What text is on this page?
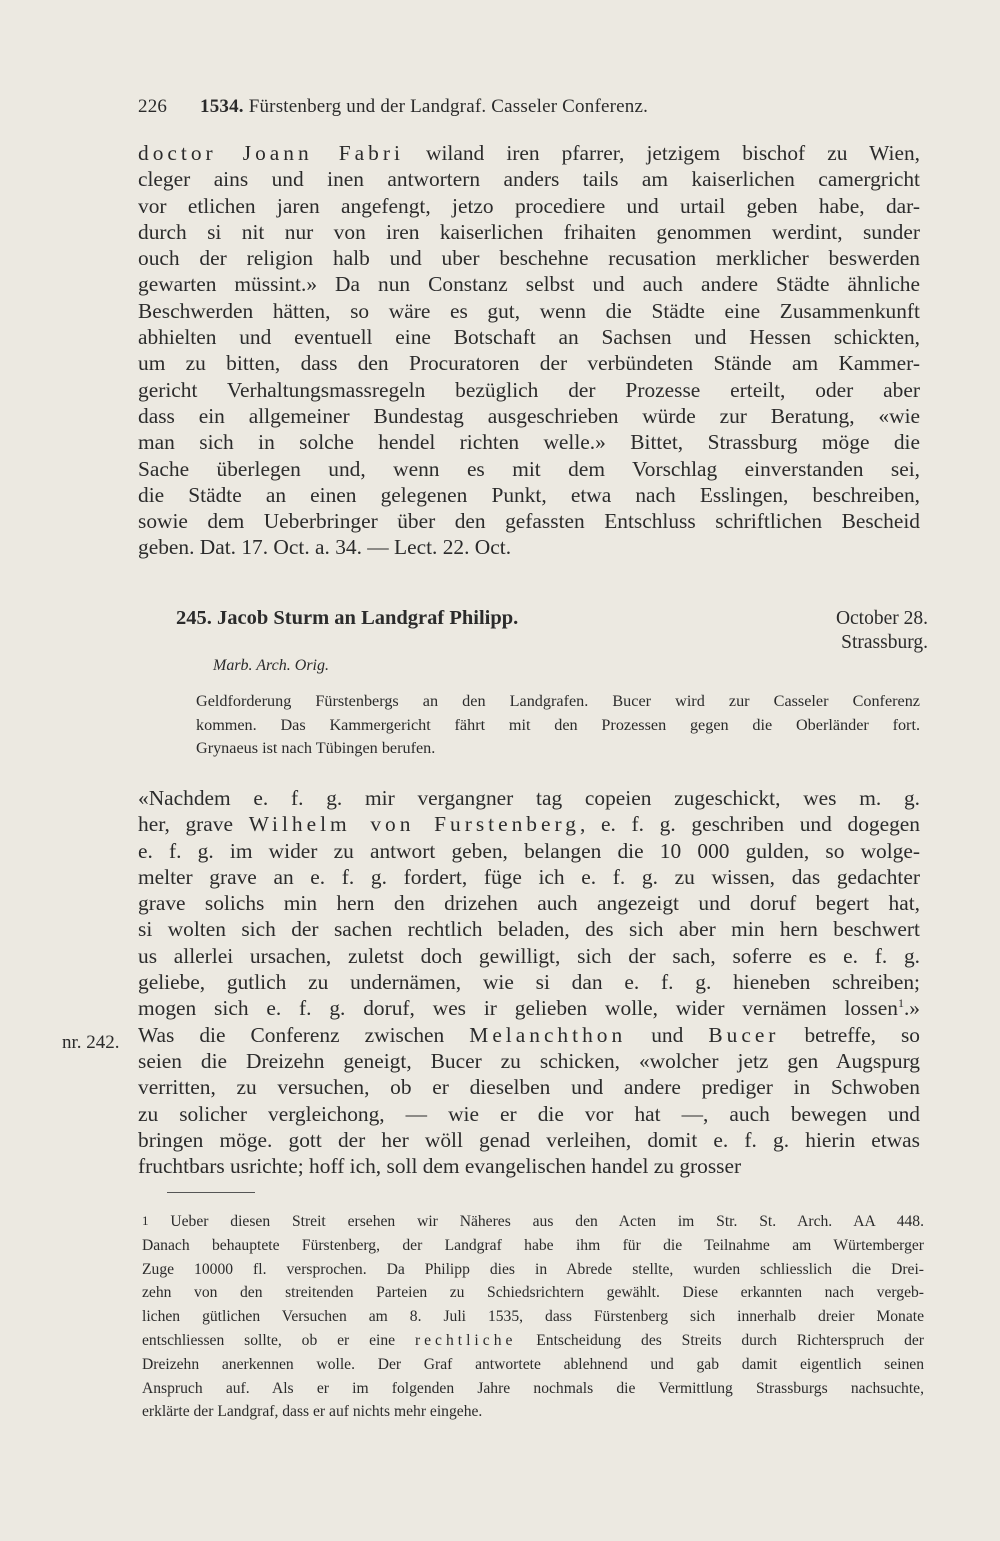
226 1534. Fürstenberg und der Landgraf. Casseler Conferenz.
doctor Joann Fabri wiland iren pfarrer, jetzigem bischof zu Wien,
cleger ains und inen antwortern anders tails am kaiserlichen camergricht
vor etlichen jaren angefengt, jetzo procediere und urtail geben habe, dar-
durch si nit nur von iren kaiserlichen frihaiten genommen werdint, sunder
ouch der religion halb und uber beschehne recusation merklicher beswerden
gewarten müssint.» Da nun Constanz selbst und auch andere Städte ähnliche
Beschwerden hätten, so wäre es gut, wenn die Städte eine Zusammenkunft
abhielten und eventuell eine Botschaft an Sachsen und Hessen schickten,
um zu bitten, dass den Procuratoren der verbündeten Stände am Kammer-
gericht Verhaltungsmassregeln bezüglich der Prozesse erteilt, oder aber
dass ein allgemeiner Bundestag ausgeschrieben würde zur Beratung, «wie
man sich in solche hendel richten welle.» Bittet, Strassburg möge die
Sache überlegen und, wenn es mit dem Vorschlag einverstanden sei,
die Städte an einen gelegenen Punkt, etwa nach Esslingen, beschreiben,
sowie dem Ueberbringer über den gefassten Entschluss schriftlichen Bescheid
geben. Dat. 17. Oct. a. 34. — Lect. 22. Oct.
245. Jacob Sturm an Landgraf Philipp.	October 28.
Strassburg.
Marb. Arch. Orig.
Geldforderung Fürstenbergs an den Landgrafen. Bucer wird zur Casseler Conferenz
kommen. Das Kammergericht fährt mit den Prozessen gegen die Oberländer fort.
Grynaeus ist nach Tübingen berufen.
«Nachdem e. f. g. mir vergangner tag copeien zugeschickt, wes m. g.
her, grave Wilhelm von Furstenberg, e. f. g. geschriben und dogegen
e. f. g. im wider zu antwort geben, belangen die 10 000 gulden, so wolge-
melter grave an e. f. g. fordert, füge ich e. f. g. zu wissen, das gedachter
grave solichs min hern den drizehen auch angezeigt und doruf begert hat,
si wolten sich der sachen rechtlich beladen, des sich aber min hern beschwert
us allerlei ursachen, zuletst doch gewilligt, sich der sach, soferre es e. f. g.
geliebe, gutlich zu undernämen, wie si dan e. f. g. hieneben schreiben;
mogen sich e. f. g. doruf, wes ir gelieben wolle, wider vernämen lossen$^1$.»
Was die Conferenz zwischen Melanchthon und Bucer betreffe, so
seien die Dreizehn geneigt, Bucer zu schicken, «wolcher jetz gen Augspurg
verritten, zu versuchen, ob er dieselben und andere prediger in Schwoben
zu solicher vergleichong, — wie er die vor hat —, auch bewegen und
bringen möge. gott der her wöll genad verleihen, domit e. f. g. hierin etwas
fruchtbars usrichte; hoff ich, soll dem evangelischen handel zu grosser
nr. 242.
$^1$ Ueber diesen Streit ersehen wir Näheres aus den Acten im Str. St. Arch. AA 448.
Danach behauptete Fürstenberg, der Landgraf habe ihm für die Teilnahme am Würtemberger
Zuge 10000 fl. versprochen. Da Philipp dies in Abrede stellte, wurden schliesslich die Drei-
zehn von den streitenden Parteien zu Schiedsrichtern gewählt. Diese erkannten nach vergeb-
lichen gütlichen Versuchen am 8. Juli 1535, dass Fürstenberg sich innerhalb dreier Monate
entschliessen sollte, ob er eine rechtliche Entscheidung des Streits durch Richterspruch der
Dreizehn anerkennen wolle. Der Graf antwortete ablehnend und gab damit eigentlich seinen
Anspruch auf. Als er im folgenden Jahre nochmals die Vermittlung Strassburgs nachsuchte,
erklärte der Landgraf, dass er auf nichts mehr eingehe.
